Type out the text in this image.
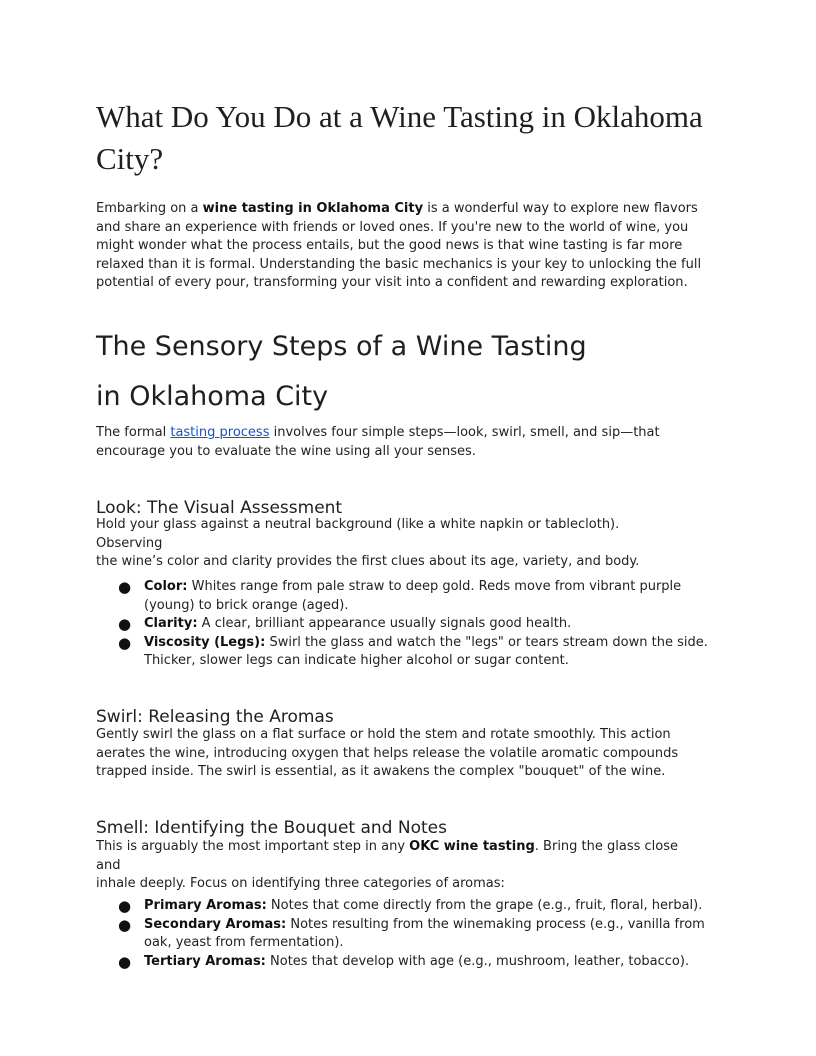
What Do You Do at a Wine Tasting in Oklahoma City?

Embarking on a wine tasting in Oklahoma City is a wonderful way to explore new flavors and share an experience with friends or loved ones. If you're new to the world of wine, you might wonder what the process entails, but the good news is that wine tasting is far more relaxed than it is formal. Understanding the basic mechanics is your key to unlocking the full potential of every pour, transforming your visit into a confident and rewarding exploration.

The Sensory Steps of a Wine Tasting
in Oklahoma City

The formal tasting process involves four simple steps—look, swirl, smell, and sip—that encourage you to evaluate the wine using all your senses.

Look: The Visual Assessment

Hold your glass against a neutral background (like a white napkin or tablecloth).
Observing
the wine’s color and clarity provides the first clues about its age, variety, and body.

● Color: Whites range from pale straw to deep gold. Reds move from vibrant purple (young) to brick orange (aged).
● Clarity: A clear, brilliant appearance usually signals good health.
● Viscosity (Legs): Swirl the glass and watch the "legs" or tears stream down the side. Thicker, slower legs can indicate higher alcohol or sugar content.
Swirl: Releasing the Aromas

Gently swirl the glass on a flat surface or hold the stem and rotate smoothly. This action aerates the wine, introducing oxygen that helps release the volatile aromatic compounds trapped inside. The swirl is essential, as it awakens the complex "bouquet" of the wine.

Smell: Identifying the Bouquet and Notes

This is arguably the most important step in any OKC wine tasting. Bring the glass close
and
inhale deeply. Focus on identifying three categories of aromas:

● Primary Aromas: Notes that come directly from the grape (e.g., fruit, floral, herbal).
● Secondary Aromas: Notes resulting from the winemaking process (e.g., vanilla from oak, yeast from fermentation).
● Tertiary Aromas: Notes that develop with age (e.g., mushroom, leather, tobacco).
